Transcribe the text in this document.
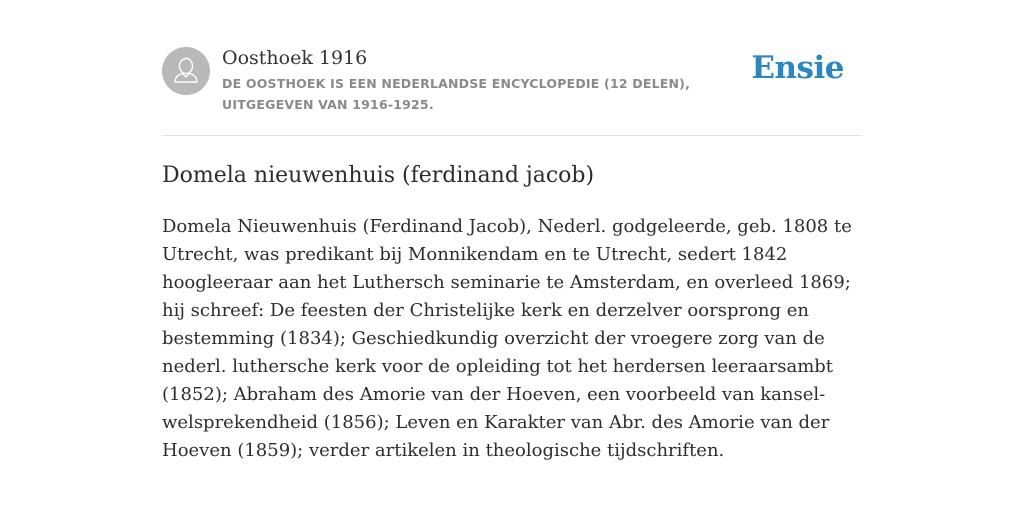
Oosthoek 1916
DE OOSTHOEK IS EEN NEDERLANDSE ENCYCLOPEDIE (12 DELEN), UITGEGEVEN VAN 1916-1925.
Ensie
Domela nieuwenhuis (ferdinand jacob)

Domela Nieuwenhuis (Ferdinand Jacob), Nederl. godgeleerde, geb. 1808 te Utrecht, was predikant bij Monnikendam en te Utrecht, sedert 1842 hoogleeraar aan het Luthersch seminarie te Amsterdam, en overleed 1869; hij schreef: De feesten der Christelijke kerk en derzelver oorsprong en bestemming (1834); Geschiedkundig overzicht der vroegere zorg van de nederl. luthersche kerk voor de opleiding tot het herdersen leeraarsambt (1852); Abraham des Amorie van der Hoeven, een voorbeeld van kansel-welsprekendheid (1856); Leven en Karakter van Abr. des Amorie van der Hoeven (1859); verder artikelen in theologische tijdschriften.
